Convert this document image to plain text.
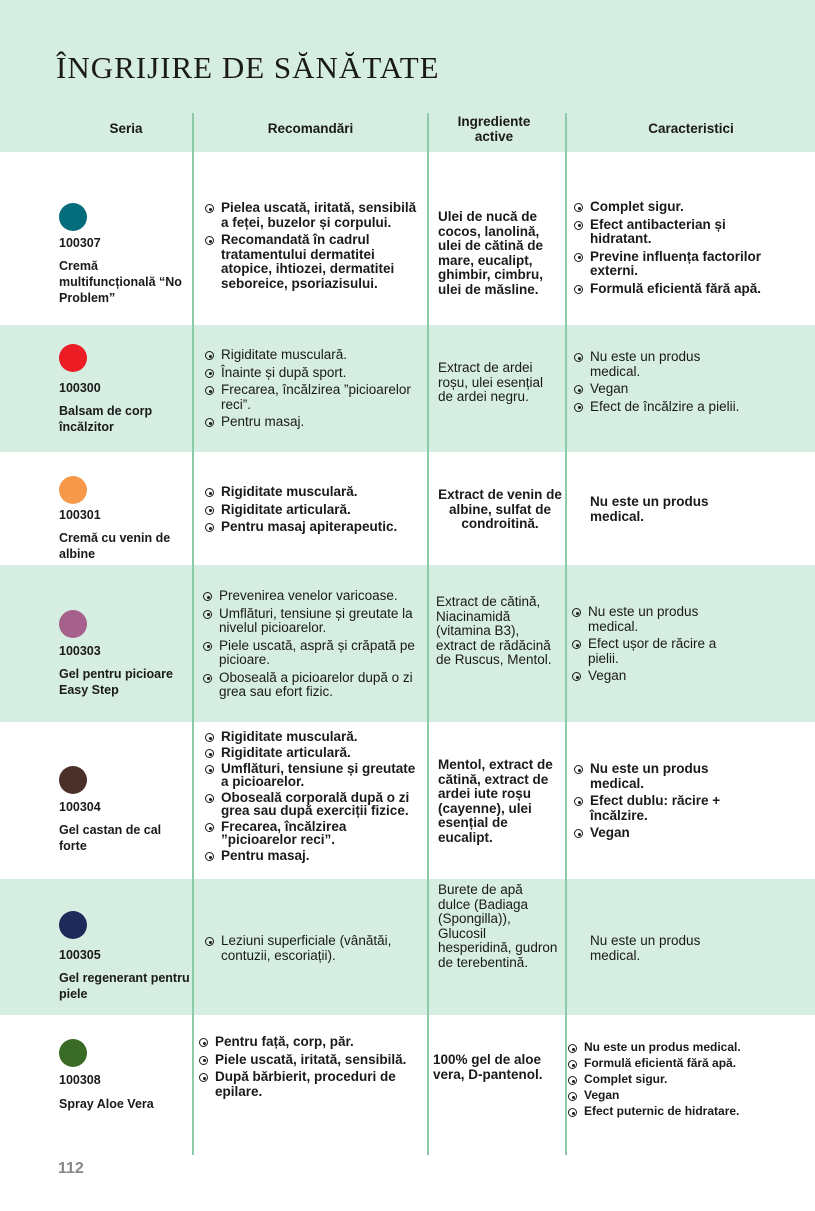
ÎNGRIJIRE DE SĂNĂTATE
Seria	Recomandări	Ingrediente active
Caracteristici
100307
Cremă multifuncțională “No Problem”
Pielea uscată, iritată, sensibilă a feței, buzelor și corpului.
Recomandată în cadrul tratamentului dermatitei atopice, ihtiozei, dermatitei seboreice, psoriazisului.
Ulei de nucă de cocos, lanolină, ulei de cătină de mare, eucalipt, ghimbir, cimbru, ulei de măsline.
Complet sigur.
Efect antibacterian și hidratant.
Previne influența factorilor externi.
Formulă eficientă fără apă.
100300
Balsam de corp încălzitor
Rigiditate musculară.
Înainte și după sport.
Frecarea, încălzirea ”picioarelor reci”.
Pentru masaj.
Extract de ardei roșu, ulei esențial de ardei negru.
Nu este un produs medical.
Vegan
Efect de încălzire a pielii.
100301
Cremă cu venin de albine
Rigiditate musculară.
Rigiditate articulară.
Pentru masaj apiterapeutic.
Extract de venin de albine, sulfat de condroitină.
Nu este un produs medical.
100303
Gel pentru picioare Easy Step
Prevenirea venelor varicoase.
Umflături, tensiune și greutate la nivelul picioarelor.
Piele uscată, aspră și crăpată pe picioare.
Oboseală a picioarelor după o zi grea sau efort fizic.
Extract de cătină, Niacinamidă (vitamina B3), extract de rădăcină de Ruscus, Mentol.
Nu este un produs medical.
Efect ușor de răcire a pielii.
Vegan
100304
Gel castan de cal forte
Rigiditate musculară.
Rigiditate articulară.
Umflături, tensiune și greutate a picioarelor.
Oboseală corporală după o zi grea sau după exerciții fizice.
Frecarea, încălzirea ”picioarelor reci”.
Pentru masaj.
Mentol, extract de cătină, extract de ardei iute roșu (cayenne), ulei esențial de eucalipt.
Nu este un produs medical.
Efect dublu: răcire + încălzire.
Vegan
100305
Gel regenerant pentru piele
Leziuni superficiale (vânătăi, contuzii, escoriații).
Burete de apă dulce (Badiaga (Spongilla)), Glucosil hesperidină, gudron de terebentină.
Nu este un produs medical.
100308
Spray Aloe Vera
Pentru față, corp, păr.
Piele uscată, iritată, sensibilă.
După bărbierit, proceduri de epilare.
100% gel de aloe vera, D-pantenol.
Nu este un produs medical.
Formulă eficientă fără apă.
Complet sigur.
Vegan
Efect puternic de hidratare.
112
